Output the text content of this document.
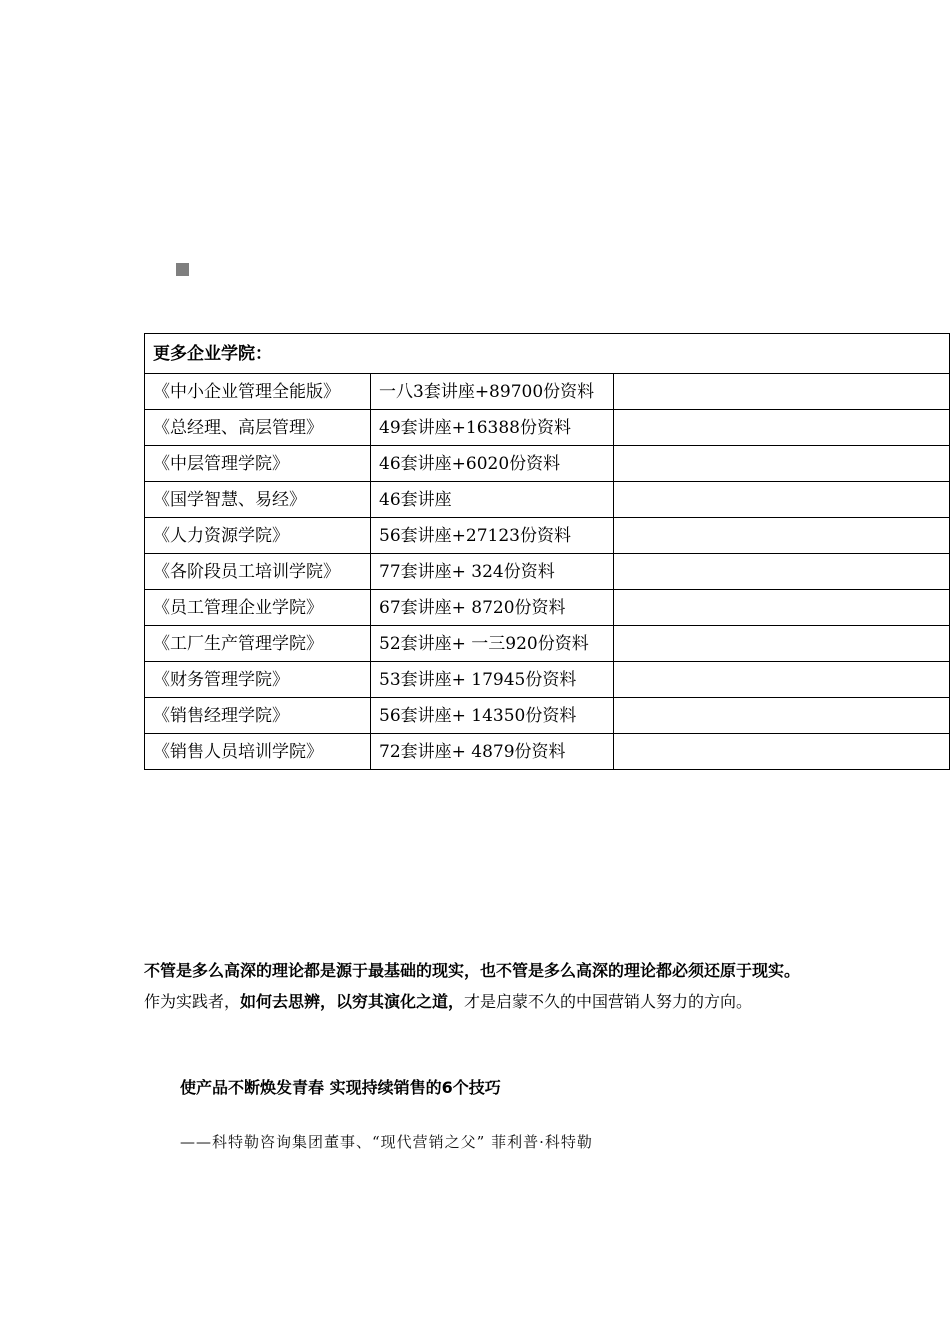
更多企业学院：		
《中小企业管理全能版》	一八3套讲座+89700份资料	
《总经理、高层管理》	49套讲座+16388份资料	
《中层管理学院》	46套讲座+6020份资料	
《国学智慧、易经》	46套讲座	
《人力资源学院》	56套讲座+27123份资料	
《各阶段员工培训学院》	77套讲座+ 324份资料	
《员工管理企业学院》	67套讲座+ 8720份资料	
《工厂生产管理学院》	52套讲座+ 一三920份资料	
《财务管理学院》	53套讲座+ 17945份资料	
《销售经理学院》	56套讲座+ 14350份资料	
《销售人员培训学院》	72套讲座+ 4879份资料	

不管是多么高深的理论都是源于最基础的现实，也不管是多么高深的理论都必须还原于现实。作为实践者，如何去思辨，以穷其演化之道，才是启蒙不久的中国营销人努力的方向。

使产品不断焕发青春 实现持续销售的6个技巧

——科特勒咨询集团董事、“现代营销之父” 菲利普·科特勒
